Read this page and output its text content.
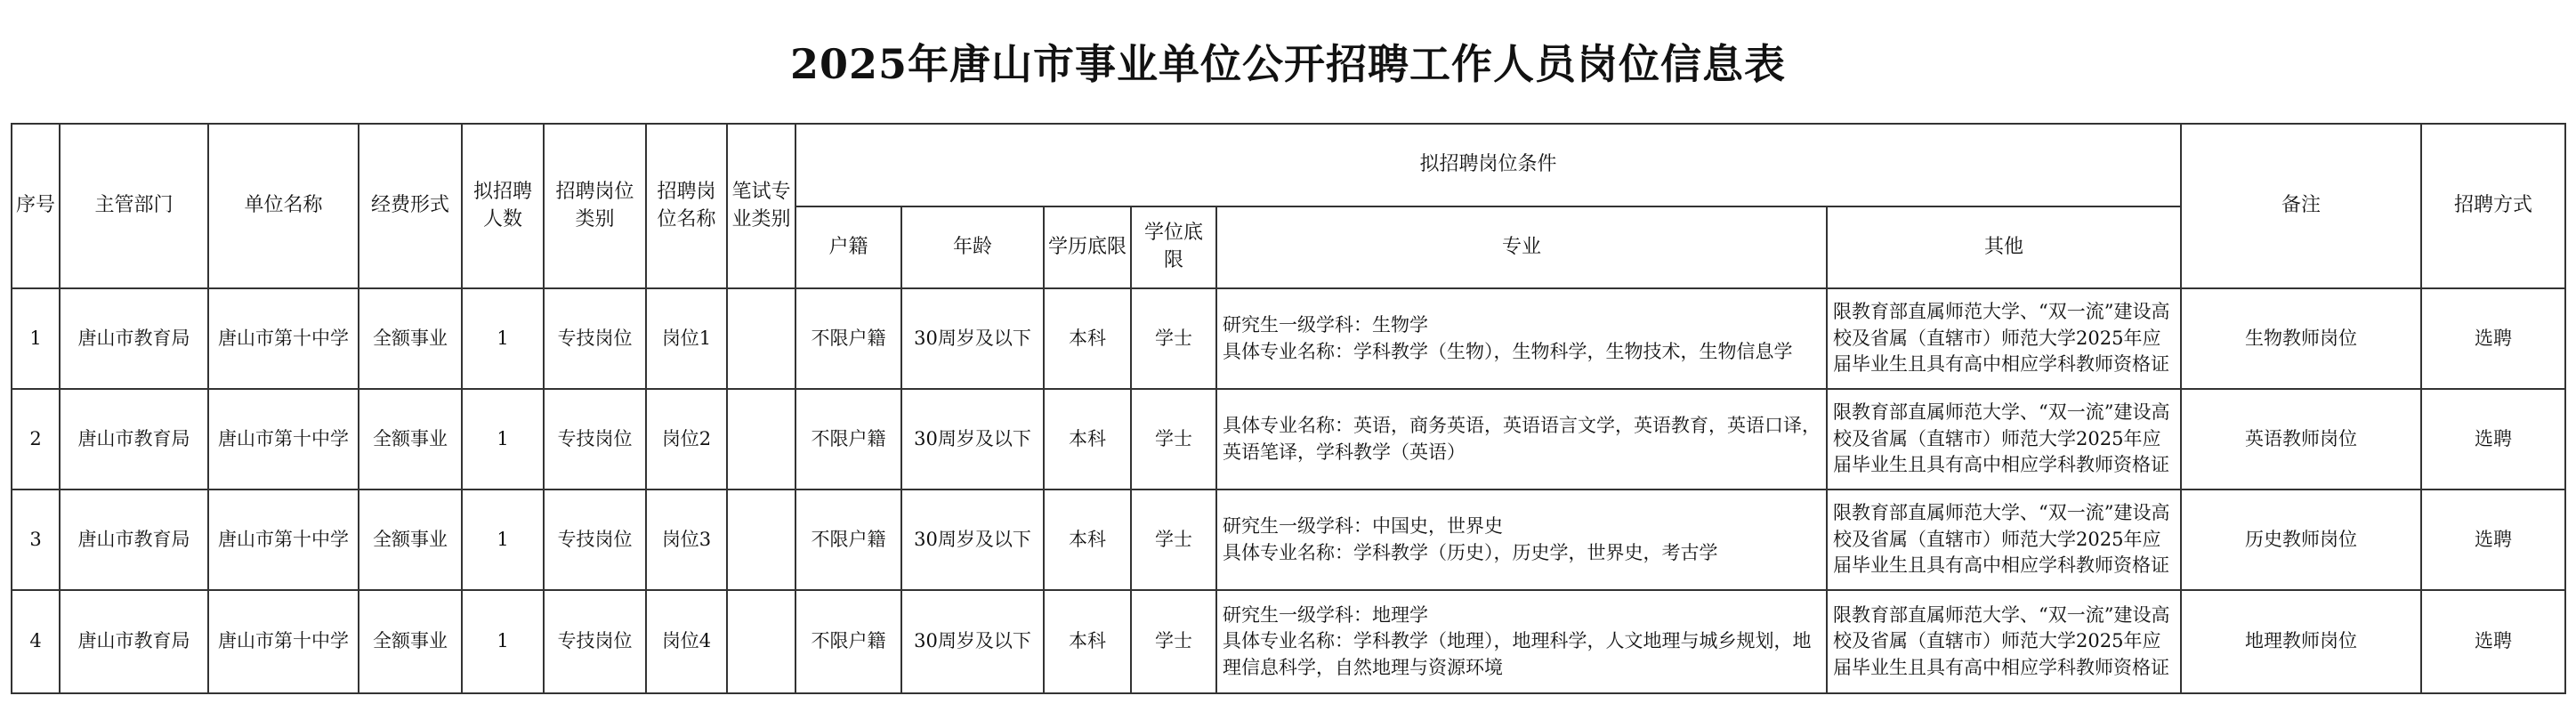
2025年唐山市事业单位公开招聘工作人员岗位信息表
序号	主管部门	单位名称	经费形式	拟招聘人数	招聘岗位类别	招聘岗位名称	笔试专业类别	拟招聘岗位条件						备注	招聘方式
								户籍	年龄	学历底限	学位底限	专业	其他		
1	唐山市教育局	唐山市第十中学	全额事业	1	专技岗位	岗位1		不限户籍	30周岁及以下	本科	学士	研究生一级学科：生物学
具体专业名称：学科教学（生物），生物科学，生物技术，生物信息学	限教育部直属师范大学、“双一流”建设高校及省属（直辖市）师范大学2025年应届毕业生且具有高中相应学科教师资格证	生物教师岗位	选聘
2	唐山市教育局	唐山市第十中学	全额事业	1	专技岗位	岗位2		不限户籍	30周岁及以下	本科	学士	具体专业名称：英语，商务英语，英语语言文学，英语教育，英语口译，英语笔译，学科教学（英语）	限教育部直属师范大学、“双一流”建设高校及省属（直辖市）师范大学2025年应届毕业生且具有高中相应学科教师资格证	英语教师岗位	选聘
3	唐山市教育局	唐山市第十中学	全额事业	1	专技岗位	岗位3		不限户籍	30周岁及以下	本科	学士	研究生一级学科：中国史，世界史
具体专业名称：学科教学（历史），历史学，世界史，考古学	限教育部直属师范大学、“双一流”建设高校及省属（直辖市）师范大学2025年应届毕业生且具有高中相应学科教师资格证	历史教师岗位	选聘
4	唐山市教育局	唐山市第十中学	全额事业	1	专技岗位	岗位4		不限户籍	30周岁及以下	本科	学士	研究生一级学科：地理学
具体专业名称：学科教学（地理），地理科学，人文地理与城乡规划，地理信息科学，自然地理与资源环境	限教育部直属师范大学、“双一流”建设高校及省属（直辖市）师范大学2025年应届毕业生且具有高中相应学科教师资格证	地理教师岗位	选聘
